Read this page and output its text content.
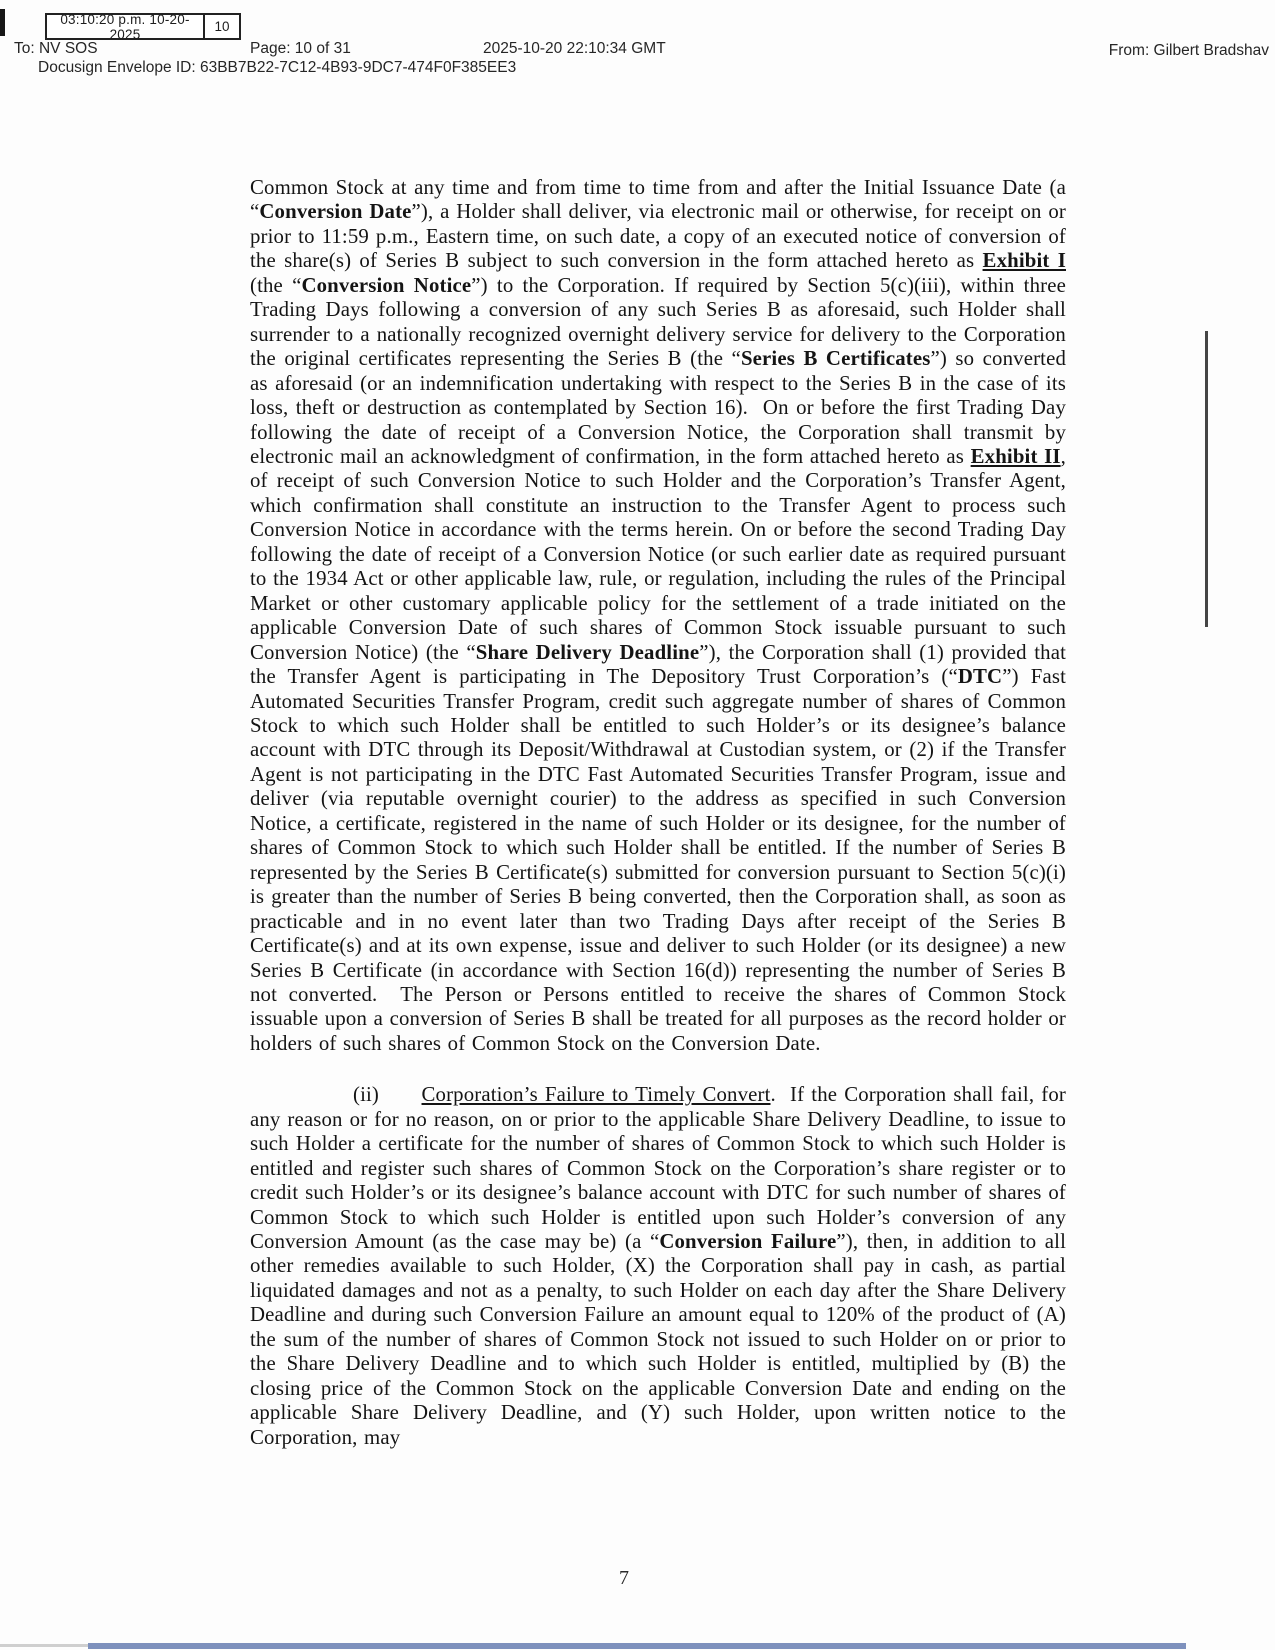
03:10:20 p.m. 10-20-2025	10
To: NV SOS	Page: 10 of 31	2025-10-20 22:10:34 GMT	From: Gilbert Bradshav
Docusign Envelope ID: 63BB7B22-7C12-4B93-9DC7-474F0F385EE3

Common Stock at any time and from time to time from and after the Initial Issuance Date (a “Conversion Date”), a Holder shall deliver, via electronic mail or otherwise, for receipt on or prior to 11:59 p.m., Eastern time, on such date, a copy of an executed notice of conversion of the share(s) of Series B subject to such conversion in the form attached hereto as Exhibit I (the “Conversion Notice”) to the Corporation. If required by Section 5(c)(iii), within three Trading Days following a conversion of any such Series B as aforesaid, such Holder shall surrender to a nationally recognized overnight delivery service for delivery to the Corporation the original certificates representing the Series B (the “Series B Certificates”) so converted as aforesaid (or an indemnification undertaking with respect to the Series B in the case of its loss, theft or destruction as contemplated by Section 16).  On or before the first Trading Day following the date of receipt of a Conversion Notice, the Corporation shall transmit by electronic mail an acknowledgment of confirmation, in the form attached hereto as Exhibit II, of receipt of such Conversion Notice to such Holder and the Corporation’s Transfer Agent, which confirmation shall constitute an instruction to the Transfer Agent to process such Conversion Notice in accordance with the terms herein. On or before the second Trading Day following the date of receipt of a Conversion Notice (or such earlier date as required pursuant to the 1934 Act or other applicable law, rule, or regulation, including the rules of the Principal Market or other customary applicable policy for the settlement of a trade initiated on the applicable Conversion Date of such shares of Common Stock issuable pursuant to such Conversion Notice) (the “Share Delivery Deadline”), the Corporation shall (1) provided that the Transfer Agent is participating in The Depository Trust Corporation’s (“DTC”) Fast Automated Securities Transfer Program, credit such aggregate number of shares of Common Stock to which such Holder shall be entitled to such Holder’s or its designee’s balance account with DTC through its Deposit/Withdrawal at Custodian system, or (2) if the Transfer Agent is not participating in the DTC Fast Automated Securities Transfer Program, issue and deliver (via reputable overnight courier) to the address as specified in such Conversion Notice, a certificate, registered in the name of such Holder or its designee, for the number of shares of Common Stock to which such Holder shall be entitled. If the number of Series B represented by the Series B Certificate(s) submitted for conversion pursuant to Section 5(c)(i) is greater than the number of Series B being converted, then the Corporation shall, as soon as practicable and in no event later than two Trading Days after receipt of the Series B Certificate(s) and at its own expense, issue and deliver to such Holder (or its designee) a new Series B Certificate (in accordance with Section 16(d)) representing the number of Series B not converted.  The Person or Persons entitled to receive the shares of Common Stock issuable upon a conversion of Series B shall be treated for all purposes as the record holder or holders of such shares of Common Stock on the Conversion Date.

(ii) Corporation’s Failure to Timely Convert.  If the Corporation shall fail, for any reason or for no reason, on or prior to the applicable Share Delivery Deadline, to issue to such Holder a certificate for the number of shares of Common Stock to which such Holder is entitled and register such shares of Common Stock on the Corporation’s share register or to credit such Holder’s or its designee’s balance account with DTC for such number of shares of Common Stock to which such Holder is entitled upon such Holder’s conversion of any Conversion Amount (as the case may be) (a “Conversion Failure”), then, in addition to all other remedies available to such Holder, (X) the Corporation shall pay in cash, as partial liquidated damages and not as a penalty, to such Holder on each day after the Share Delivery Deadline and during such Conversion Failure an amount equal to 120% of the product of (A) the sum of the number of shares of Common Stock not issued to such Holder on or prior to the Share Delivery Deadline and to which such Holder is entitled, multiplied by (B) the closing price of the Common Stock on the applicable Conversion Date and ending on the applicable Share Delivery Deadline, and (Y) such Holder, upon written notice to the Corporation, may

7
